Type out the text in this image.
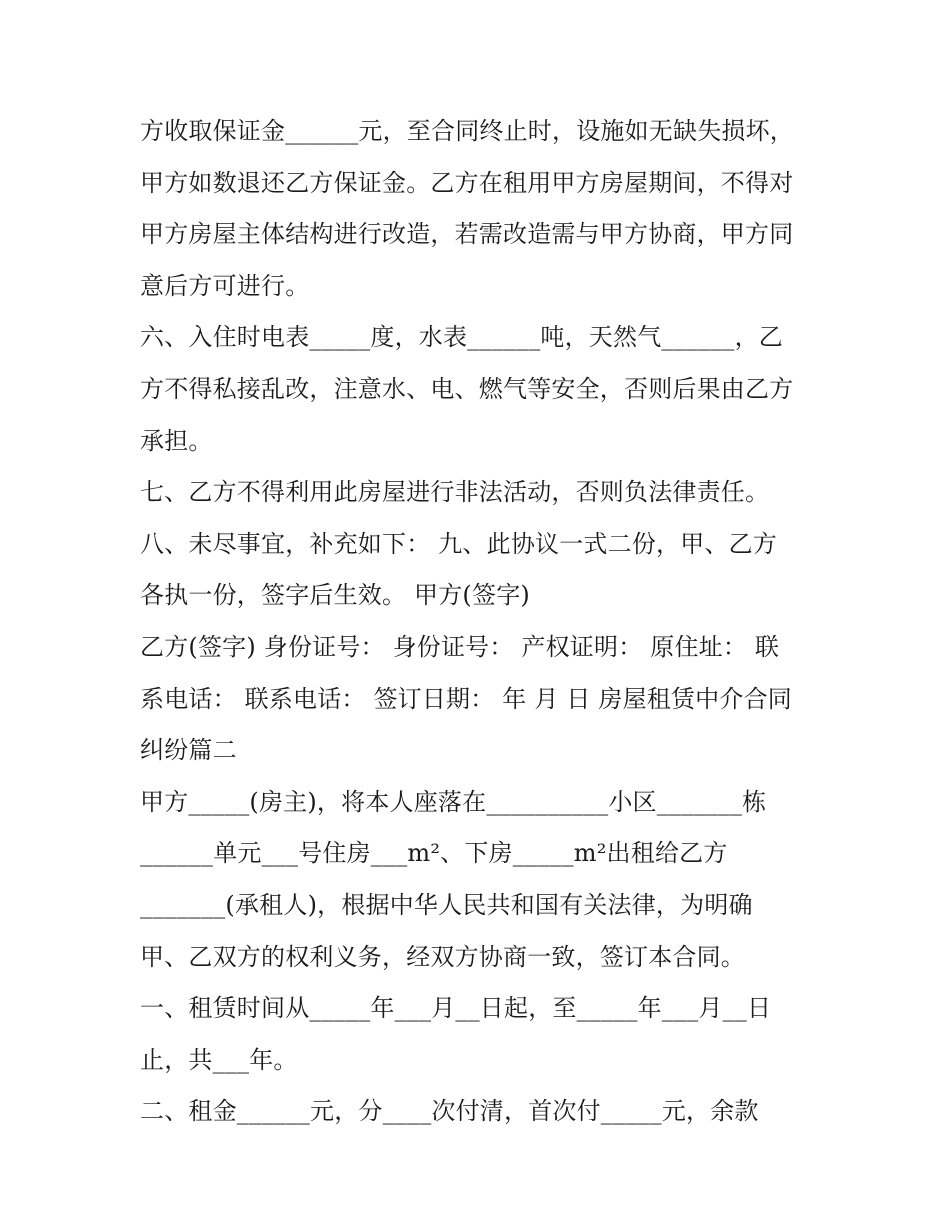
方收取保证金______元，至合同终止时，设施如无缺失损坏，
甲方如数退还乙方保证金。乙方在租用甲方房屋期间，不得对
甲方房屋主体结构进行改造，若需改造需与甲方协商，甲方同
意后方可进行。
六、入住时电表_____度，水表______吨，天然气______，乙
方不得私接乱改，注意水、电、燃气等安全，否则后果由乙方
承担。
七、乙方不得利用此房屋进行非法活动，否则负法律责任。
八、未尽事宜，补充如下： 九、此协议一式二份，甲、乙方
各执一份，签字后生效。 甲方(签字)
乙方(签字) 身份证号： 身份证号： 产权证明： 原住址： 联
系电话： 联系电话： 签订日期： 年 月 日 房屋租赁中介合同
纠纷篇二
甲方_____(房主)，将本人座落在__________小区_______栋
______单元___号住房___m²、下房_____m²出租给乙方
_______(承租人)，根据中华人民共和国有关法律，为明确
甲、乙双方的权利义务，经双方协商一致，签订本合同。
一、租赁时间从_____年___月__日起，至_____年___月__日
止，共___年。
二、租金______元，分____次付清，首次付_____元，余款
